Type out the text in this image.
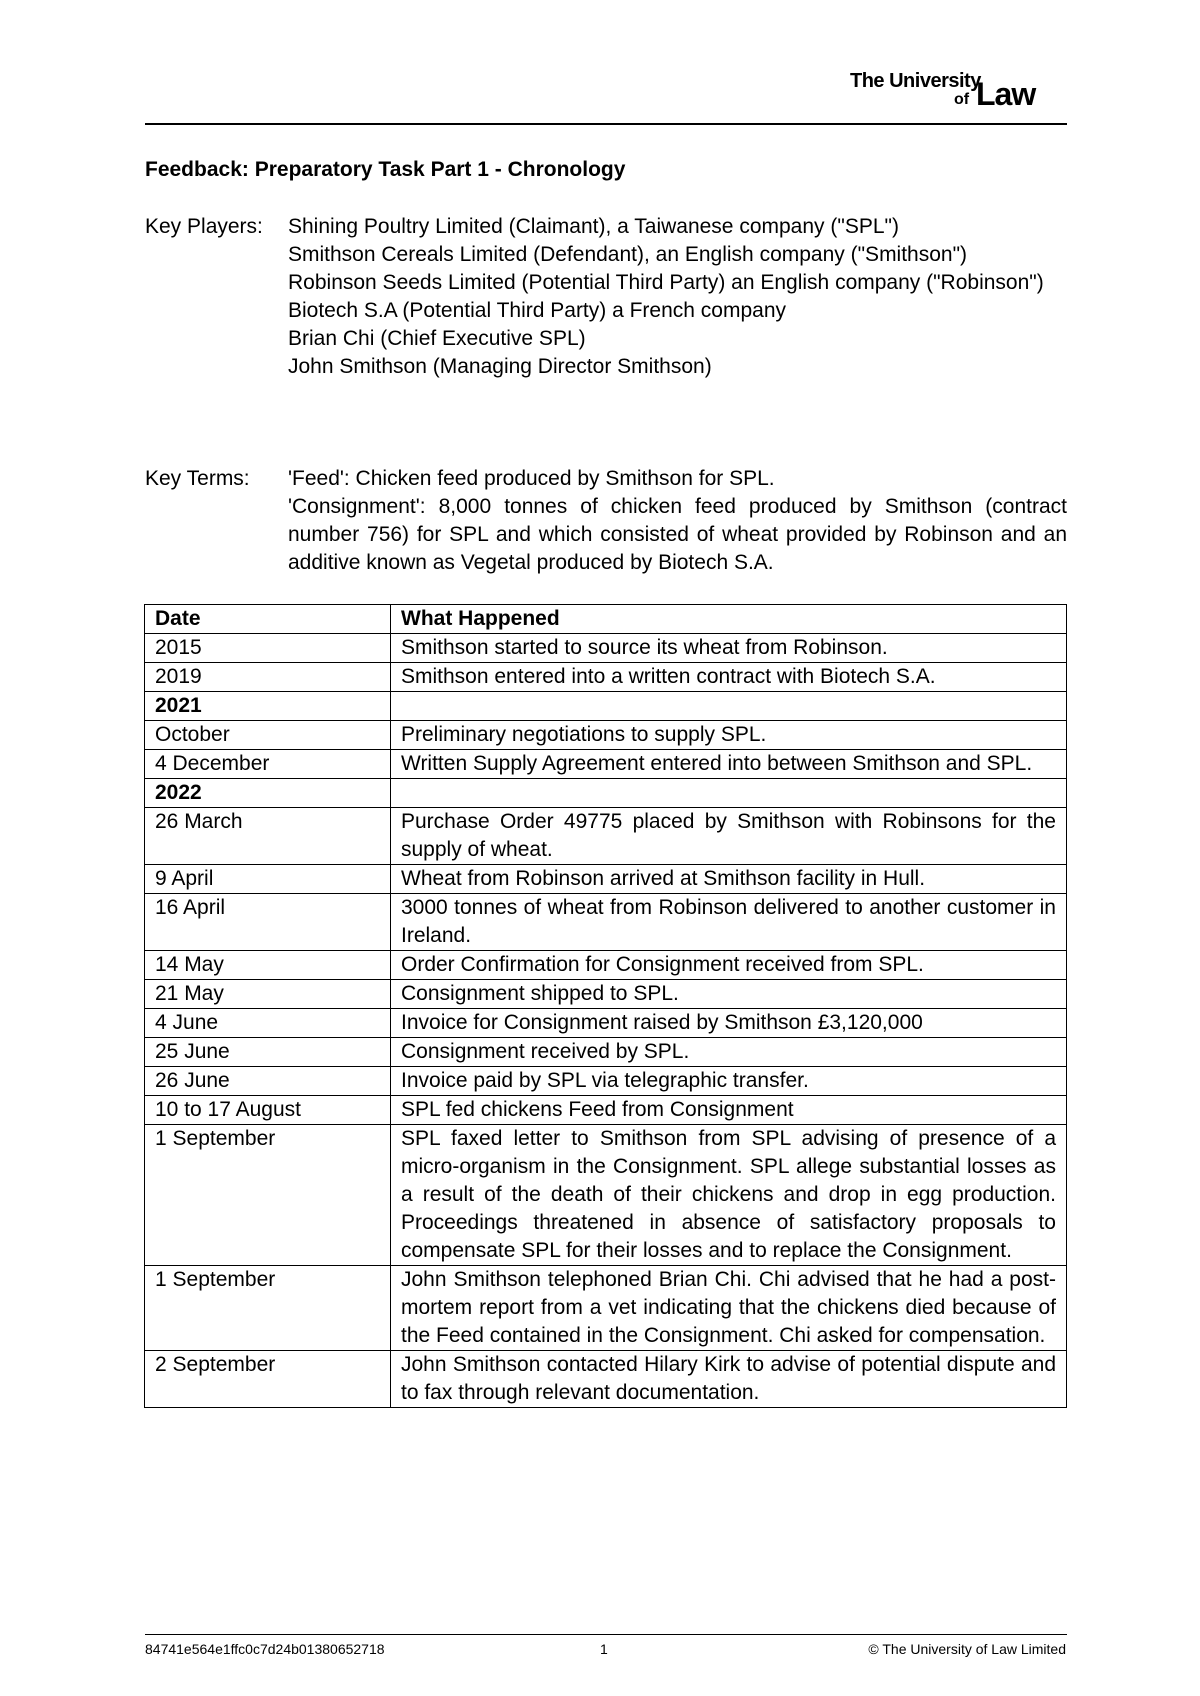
The University
of Law
Feedback: Preparatory Task Part 1 - Chronology
Key Players: Shining Poultry Limited (Claimant), a Taiwanese company ("SPL")
Smithson Cereals Limited (Defendant), an English company ("Smithson")
Robinson Seeds Limited (Potential Third Party) an English company ("Robinson")
Biotech S.A (Potential Third Party) a French company
Brian Chi (Chief Executive SPL)
John Smithson (Managing Director Smithson)
Key Terms: 'Feed': Chicken feed produced by Smithson for SPL.
'Consignment': 8,000 tonnes of chicken feed produced by Smithson (contract number 756) for SPL and which consisted of wheat provided by Robinson and an additive known as Vegetal produced by Biotech S.A.
Date	What Happened
2015	Smithson started to source its wheat from Robinson.
2019	Smithson entered into a written contract with Biotech S.A.
2021	
October	Preliminary negotiations to supply SPL.
4 December	Written Supply Agreement entered into between Smithson and SPL.
2022	
26 March	Purchase Order 49775 placed by Smithson with Robinsons for the supply of wheat.
9 April	Wheat from Robinson arrived at Smithson facility in Hull.
16 April	3000 tonnes of wheat from Robinson delivered to another customer in Ireland.
14 May	Order Confirmation for Consignment received from SPL.
21 May	Consignment shipped to SPL.
4 June	Invoice for Consignment raised by Smithson £3,120,000
25 June	Consignment received by SPL.
26 June	Invoice paid by SPL via telegraphic transfer.
10 to 17 August	SPL fed chickens Feed from Consignment
1 September	SPL faxed letter to Smithson from SPL advising of presence of a micro-organism in the Consignment. SPL allege substantial losses as a result of the death of their chickens and drop in egg production. Proceedings threatened in absence of satisfactory proposals to compensate SPL for their losses and to replace the Consignment.
1 September	John Smithson telephoned Brian Chi. Chi advised that he had a post-mortem report from a vet indicating that the chickens died because of the Feed contained in the Consignment. Chi asked for compensation.
2 September	John Smithson contacted Hilary Kirk to advise of potential dispute and to fax through relevant documentation.
84741e564e1ffc0c7d24b01380652718	1	© The University of Law Limited
